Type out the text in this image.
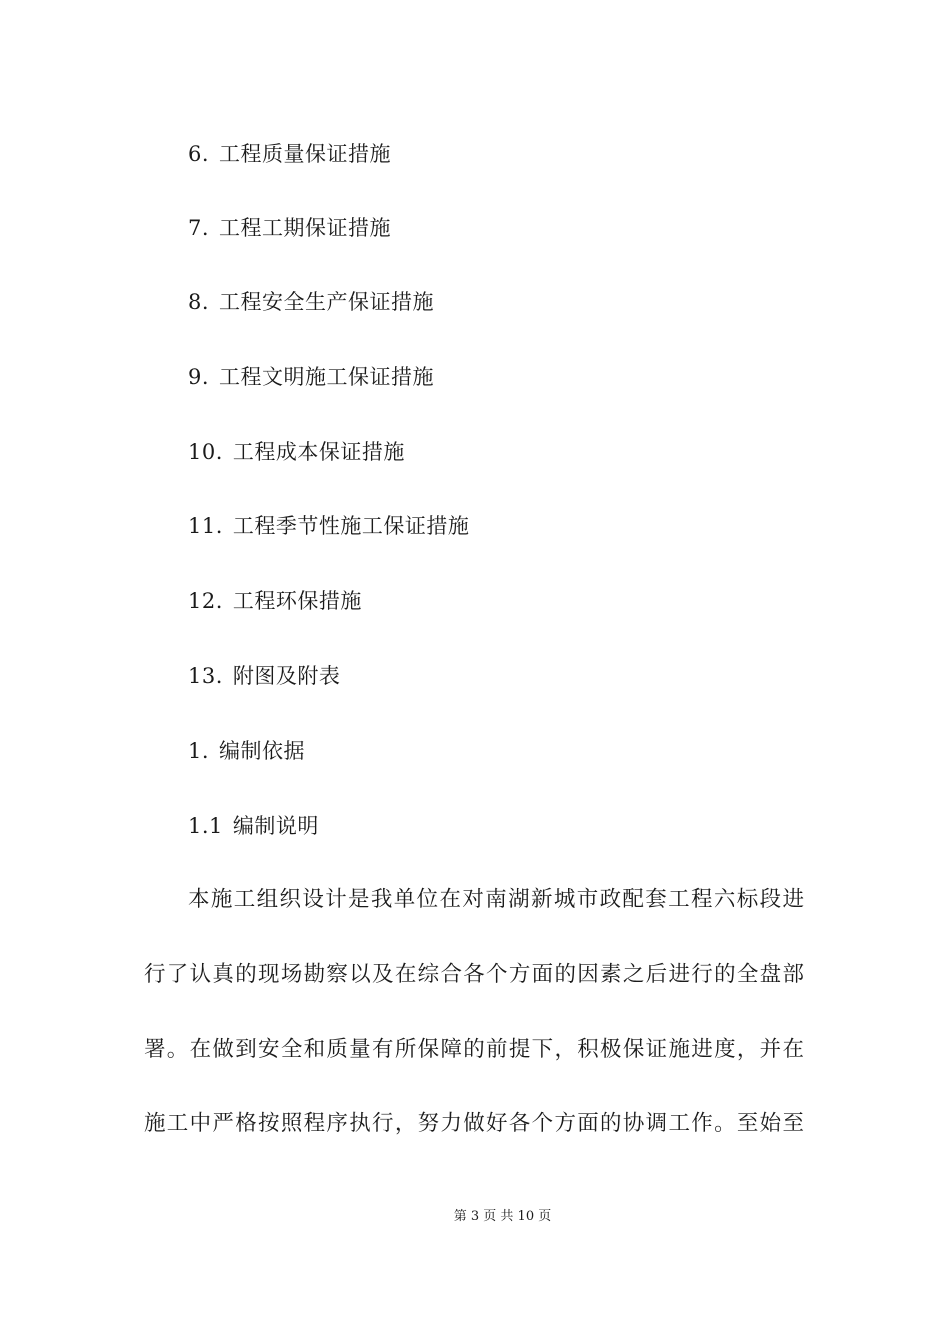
6. 工程质量保证措施
7. 工程工期保证措施
8. 工程安全生产保证措施
9. 工程文明施工保证措施
10. 工程成本保证措施
11. 工程季节性施工保证措施
12. 工程环保措施
13. 附图及附表
1. 编制依据
1.1 编制说明
本施工组织设计是我单位在对南湖新城市政配套工程六标段进
行了认真的现场勘察以及在综合各个方面的因素之后进行的全盘部
署。在做到安全和质量有所保障的前提下，积极保证施进度，并在
施工中严格按照程序执行，努力做好各个方面的协调工作。至始至
第 3 页 共 10 页
